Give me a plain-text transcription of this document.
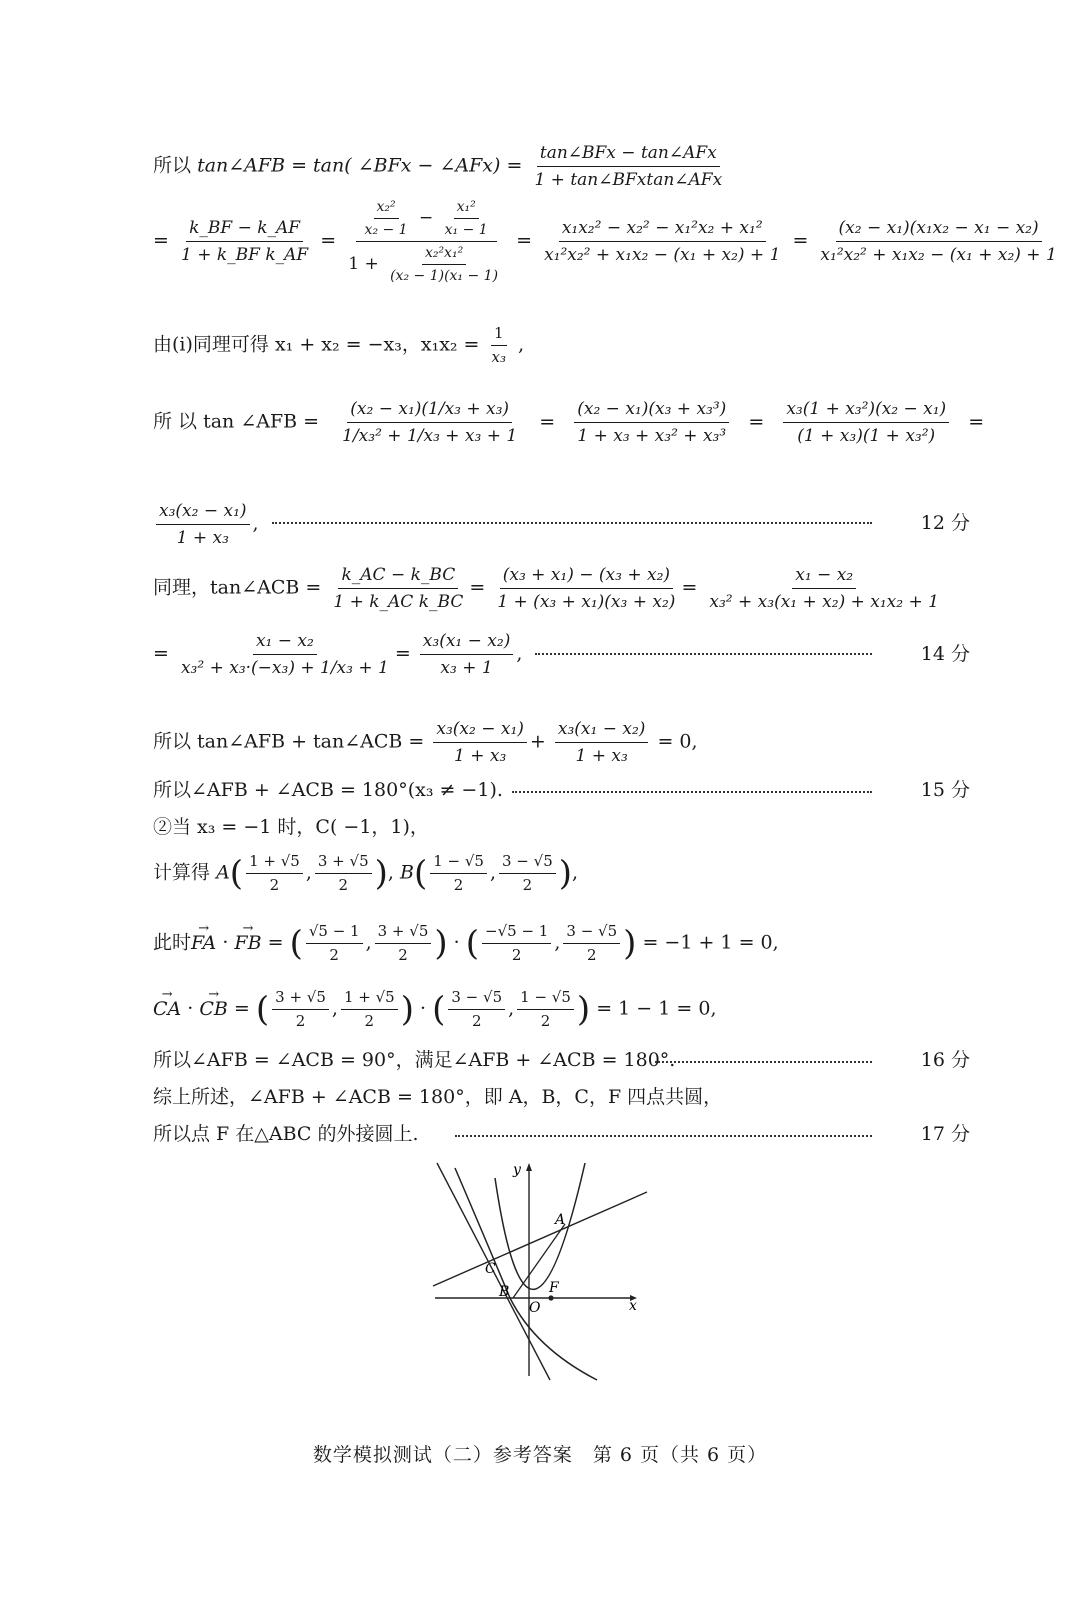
所以 tan∠AFB = tan( ∠BFx − ∠AFx) = $\frac{\text{tan∠BFx − tan∠AFx}}{\text{1 + tan∠BFxtan∠AFx}}$
= $\frac{k\_BF - k\_AF}{\text{1 + k\_BF k\_AF}} = \frac{\frac{\text{x₂²}}{\text{x₂ − 1}} - \frac{\text{x₁²}}{\text{x₁ − 1}}}{1 + \frac{\text{x₂²x₁²}}{\text{(x₂ − 1)(x₁ − 1)}}} = \frac{\text{x₁x₂² − x₂² − x₁²x₂ + x₁²}}{\text{x₁²x₂² + x₁x₂ − (x₁ + x₂) + 1}} = \frac{\text{(x₂ − x₁)(x₁x₂ − x₁ − x₂)}}{\text{x₁²x₂² + x₁x₂ − (x₁ + x₂) + 1}}$
由(i)同理可得 x₁ + x₂ = −x₃，$x_1x_2 = \frac{1}{\text{x₃}}$ ,
所 以 tan ∠AFB = $\frac{\text{(x₂ − x₁)(1/x₃ + x₃)}}{\text{1/x₃² + 1/x₃ + x₃ + 1}} = \frac{\text{(x₂ − x₁)(x₃ + x₃³)}}{\text{1 + x₃ + x₃² + x₃³}} = \frac{\text{x₃(1 + x₃²)(x₂ − x₁)}}{\text{(1 + x₃)(1 + x₃²)}}$ =
$\frac{\text{x₃(x₂ − x₁)}}{\text{1 + x₃}}$ ,	12 分
同理，tan∠ACB = $\frac{k\_AC - k\_BC}{\text{1 + k\_AC k\_BC}} = \frac{\text{(x₃ + x₁) − (x₃ + x₂)}}{\text{1 + (x₃ + x₁)(x₃ + x₂)}} = \frac{\text{x₁ − x₂}}{\text{x₃² + x₃(x₁ + x₂) + x₁x₂ + 1}}$
= $\frac{\text{x₁ − x₂}}{\text{x₃² + x₃·(−x₃) + 1/x₃ + 1}} = \frac{\text{x₃(x₁ − x₂)}}{\text{x₃ + 1}}$ ,	14 分
所以 tan∠AFB + tan∠ACB = $\frac{\text{x₃(x₂ − x₁)}}{\text{1 + x₃}} + \frac{\text{x₃(x₁ − x₂)}}{\text{1 + x₃}} = 0$,
所以∠AFB + ∠ACB = 180°(x₃ ≠ −1).	15 分
②当 x₃ = −1 时，C( −1，1)，
计算得 $A( \frac{1 + √5}{2}$ , $\frac{3 + √5}{2}$ ), $B( \frac{1 - √5}{2}$ , $\frac{3 - √5}{2}$ ),
此时→ FA · → FB = ( $\frac{√5 - 1}{2}$ , $\frac{3 + √5}{2}$ ) · ( $\frac{-√5 - 1}{2}$ , $\frac{3 - √5}{2}$ ) = −1 + 1 = 0,
→ CA · → CB = ( $\frac{3 + √5}{2}$ , $\frac{1 + √5}{2}$ ) · ( $\frac{3 - √5}{2}$ , $\frac{1 - √5}{2}$ ) = 1 − 1 = 0,
所以∠AFB = ∠ACB = 90°，满足∠AFB + ∠ACB = 180°.	16 分
综上所述，∠AFB + ∠ACB = 180°，即 A，B，C，F 四点共圆，
所以点 F 在△ABC 的外接圆上.	17 分
y
x
A
B
C
F
O
数学模拟测试（二）参考答案　第 6 页（共 6 页）
